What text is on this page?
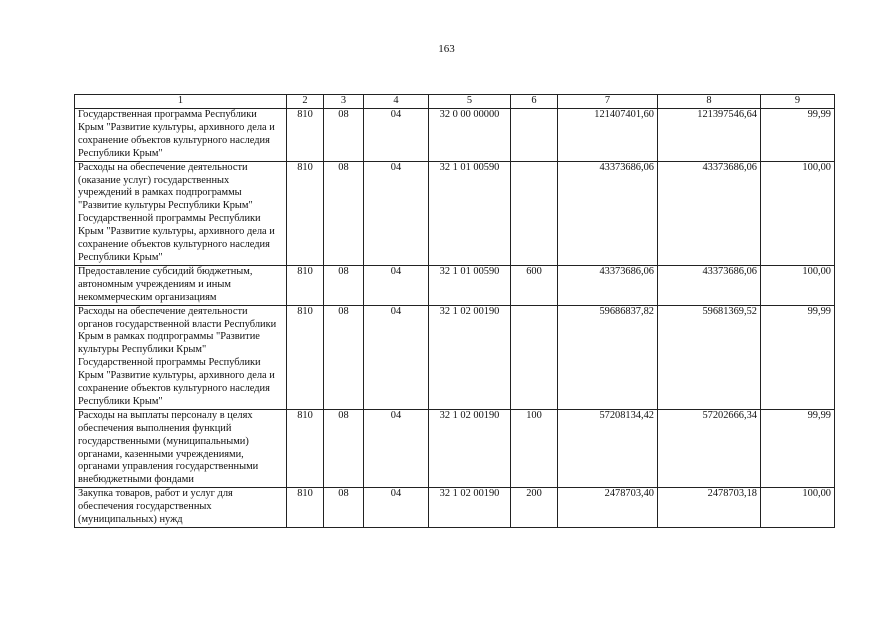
163
1	2	3	4	5	6	7	8	9
Государственная программа Республики Крым "Развитие культуры, архивного дела и сохранение объектов культурного наследия Республики Крым"	810	08	04	32 0 00 00000		121407401,60	121397546,64	99,99
Расходы на обеспечение деятельности (оказание услуг) государственных учреждений в рамках подпрограммы "Развитие культуры Республики Крым" Государственной программы Республики Крым "Развитие культуры, архивного дела и сохранение объектов культурного наследия Республики Крым"	810	08	04	32 1 01 00590		43373686,06	43373686,06	100,00
Предоставление субсидий бюджетным, автономным учреждениям и иным некоммерческим организациям	810	08	04	32 1 01 00590	600	43373686,06	43373686,06	100,00
Расходы на обеспечение деятельности органов государственной власти Республики Крым в рамках подпрограммы "Развитие культуры Республики Крым" Государственной программы Республики Крым "Развитие культуры, архивного дела и сохранение объектов культурного наследия Республики Крым"	810	08	04	32 1 02 00190		59686837,82	59681369,52	99,99
Расходы на выплаты персоналу в целях обеспечения выполнения функций государственными (муниципальными) органами, казенными учреждениями, органами управления государственными внебюджетными фондами	810	08	04	32 1 02 00190	100	57208134,42	57202666,34	99,99
Закупка товаров, работ и услуг для обеспечения государственных (муниципальных) нужд	810	08	04	32 1 02 00190	200	2478703,40	2478703,18	100,00
